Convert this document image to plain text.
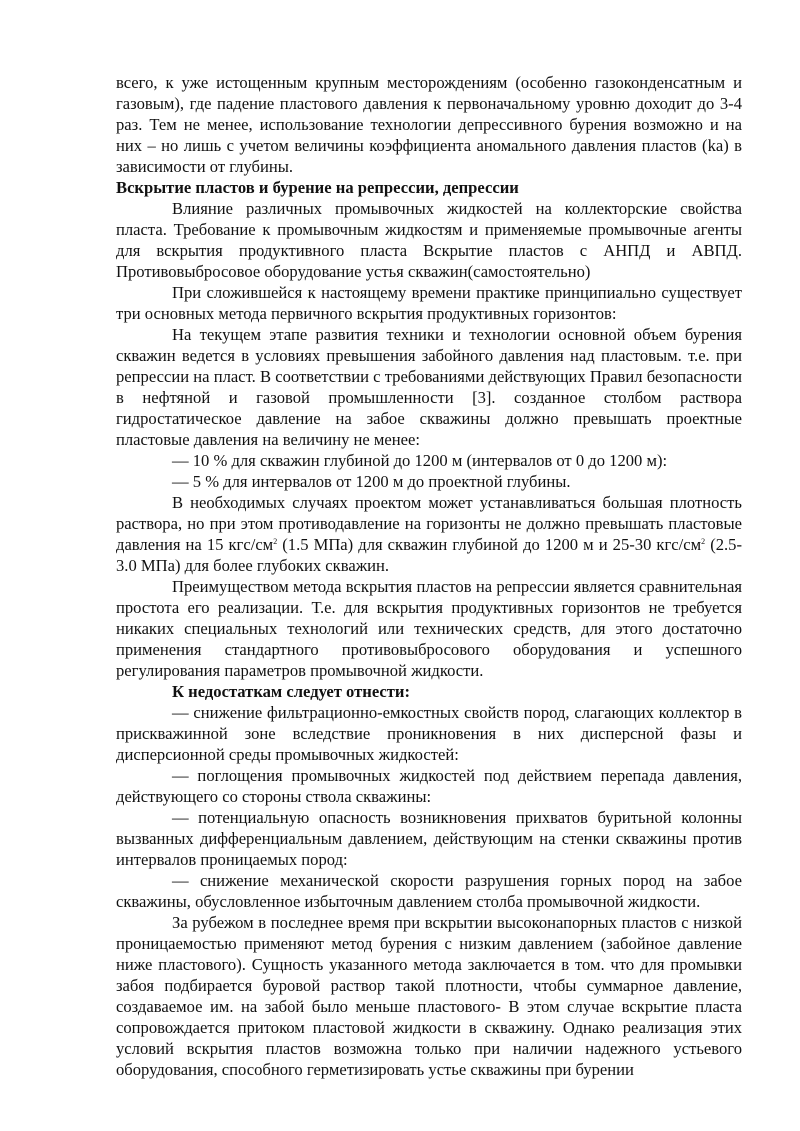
всего, к уже истощенным крупным месторождениям (особенно газоконденсатным и газовым), где падение пластового давления к первоначальному уровню доходит до 3-4 раз. Тем не менее, использование технологии депрессивного бурения возможно и на них – но лишь с учетом величины коэффициента аномального давления пластов (ka) в зависимости от глубины.

Вскрытие пластов и бурение на репрессии, депрессии

Влияние различных промывочных жидкостей на коллекторские свойства пласта. Требование к промывочным жидкостям и применяемые промывочные агенты для вскрытия продуктивного пласта Вскрытие пластов с АНПД и АВПД. Противовыбросовое оборудование устья скважин(самостоятельно)

При сложившейся к настоящему времени практике принципиально существует три основных метода первичного вскрытия продуктивных горизонтов:

На текущем этапе развития техники и технологии основной объем бурения скважин ведется в условиях превышения забойного давления над пластовым. т.е. при репрессии на пласт. В соответствии с требованиями действующих Правил безопасности в нефтяной и газовой промышленности [3]. созданное столбом раствора гидростатическое давление на забое скважины должно превышать проектные пластовые давления на величину не менее:

— 10 % для скважин глубиной до 1200 м (интервалов от 0 до 1200 м):

— 5 % для интервалов от 1200 м до проектной глубины.

В необходимых случаях проектом может устанавливаться большая плотность раствора, но при этом противодавление на горизонты не должно превышать пластовые давления на 15 кгс/$см^2$ (1.5 МПа) для скважин глубиной до 1200 м и 25-30 кгс/$см^2$ (2.5-3.0 МПа) для более глубоких скважин.

Преимуществом метода вскрытия пластов на репрессии является сравнительная простота его реализации. Т.е. для вскрытия продуктивных горизонтов не требуется никаких специальных технологий или технических средств, для этого достаточно применения стандартного противовыбросового оборудования и успешного регулирования параметров промывочной жидкости.

К недостаткам следует отнести:

— снижение фильтрационно-емкостных свойств пород, слагающих коллектор в прискважинной зоне вследствие проникновения в них дисперсной фазы и дисперсионной среды промывочных жидкостей:

— поглощения промывочных жидкостей под действием перепада давления, действующего со стороны ствола скважины:

— потенциальную опасность возникновения прихватов буритьной колонны вызванных дифференциальным давлением, действующим на стенки скважины против интервалов проницаемых пород:

— снижение механической скорости разрушения горных пород на забое скважины, обусловленное избыточным давлением столба промывочной жидкости.

За рубежом в последнее время при вскрытии высоконапорных пластов с низкой проницаемостью применяют метод бурения с низким давлением (забойное давление ниже пластового). Сущность указанного метода заключается в том. что для промывки забоя подбирается буровой раствор такой плотности, чтобы суммарное давление, создаваемое им. на забой было меньше пластового- В этом случае вскрытие пласта сопровождается притоком пластовой жидкости в скважину. Однако реализация этих условий вскрытия пластов возможна только при наличии надежного устьевого оборудования, способного герметизировать устье скважины при бурении
